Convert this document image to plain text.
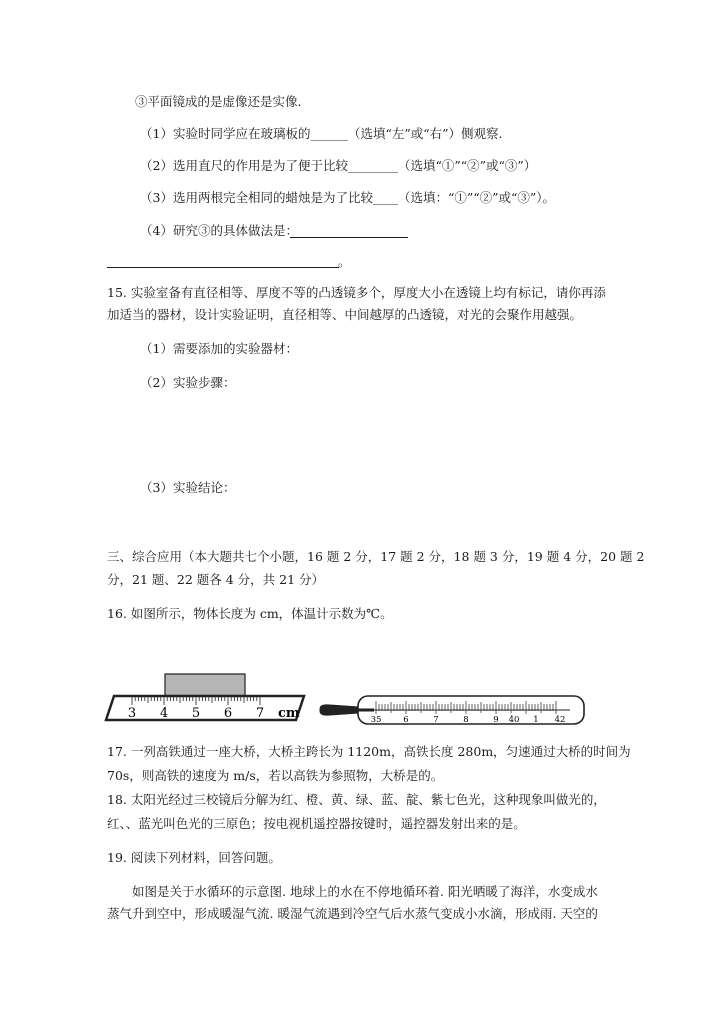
③平面镜成的是虚像还是实像.
（1）实验时同学应在玻璃板的______（选填“左”或“右”）侧观察.
（2）选用直尺的作用是为了便于比较________（选填“①”“②”或“③”）
（3）选用两根完全相同的蜡烛是为了比较____（选填：“①”“②”或“③”）。
（4）研究③的具体做法是：
。
15. 实验室备有直径相等、厚度不等的凸透镜多个，厚度大小在透镜上均有标记，请你再添
加适当的器材，设计实验证明，直径相等、中间越厚的凸透镜，对光的会聚作用越强。
（1）需要添加的实验器材：
（2）实验步骤：
（3）实验结论：
三、综合应用（本大题共七个小题，16 题 2 分，17 题 2 分，18 题 3 分，19 题 4 分，20 题 2
分，21 题、22 题各 4 分，共 21 分）
16. 如图所示，物体长度为 cm，体温计示数为℃。
3 4 5 6 7 cm	35	6	7	8	9 40 1 42
17. 一列高铁通过一座大桥，大桥主跨长为 1120m，高铁长度 280m，匀速通过大桥的时间为
70s，则高铁的速度为 m/s，若以高铁为参照物，大桥是的。
18. 太阳光经过三校镜后分解为红、橙、黄、绿、蓝、靛、紫七色光，这种现象叫做光的，
红、、蓝光叫色光的三原色；按电视机遥控器按键时，遥控器发射出来的是。
19. 阅读下列材料，回答问题。
如图是关于水循环的示意图. 地球上的水在不停地循环着. 阳光晒暖了海洋，水变成水
蒸气升到空中，形成暖湿气流. 暖湿气流遇到冷空气后水蒸气变成小水滴，形成雨. 天空的
